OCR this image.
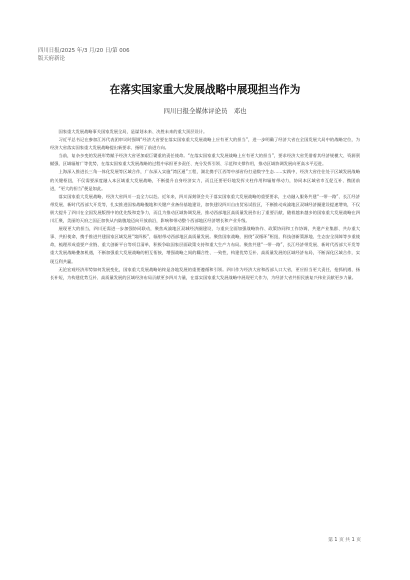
四川日报/2025 年/3 月/20 日/第 006
版天府新论
在落实国家重大发展战略中展现担当作为
四川日报全媒体评论员　邓也

国家重大发展战略事关国家发展全局，是谋划未来、决胜未来的重大顶层设计。

习近平总书记在参加江苏代表团审议时强调“经济大省要在落实国家重大发展战略上应有更大的担当”，进一步明确了经济大省在全国发展大局中的战略定位，为经济大省落实国家重大发展战略提出新要求、指明了前进方向。

当前，复杂多变的发展形势赋予经济大省更加艰巨繁重的责任使命。“在落实国家重大发展战略上应有更大的担当”，要求经济大省凭借着其经济规模大、资源禀赋强、区域辐射广等优势，在落实国家重大发展战略的过程中承担更多责任、充分发挥引领、示范和支撑作用，推动区域协调发展向更高水平迈进。

上海深入推进长三角一体化发展等区域合作，广东深入实施“湾区通”工程，湖北携手江西等中部省份打造数字生态……实践中，经济大省往往处于区域发展战略的关键枢纽，不仅需要深度融入本区域重大发展战略，不断提升自身经济实力，而且还要更好地发挥支柱作用和辐射带动力，协同本区域省市互促互补、携团前进，“更大的担当”便是如此。

落实国家重大发展战略，经济大省四川一直全力以赴。近年来，四川深刻领会关于落实国家重大发展战略的重要要求，主动融入服务共建“一带一路”、长江经济带发展、新时代西部大开发等，扎实推进国家战略腹地和关键产业备份基地建设，加快建设四川自由贸易试验区，不断推动成渝地区双城经济圈建设提速增效，不仅极大提升了四川在全国发展版图中的优先级和竞争力，而且为推动区域协调发展、推动西部地区高质量发展作出了重要贡献，随着越来越多的国家重大发展战略在四川汇聚，美丽的天府之国正加快从内陆腹地迈向开放前沿，影响和带动整个西部地区经济增长和产业升级。

展现更大的担当，四川还需进一步加强协同联动，聚焦成渝地区双城经济圈建设，与重庆全面加强战略协作、政策协同和工作协调，共建产业集群、共办重大事、共担使命，携手推进共建国家区域发展“第四极”，辐射带动西部地区高质量发展。聚焦国家战略，围绕“双循环”枢纽，科技创新策源地、生态安全屏障等多重使命，梳理形成重要产业链、重大创新平台等项目清单，积极争取国家层面政策支持和重大生产力布局。聚焦共建“一带一路”，长江经济带发展、新时代西部大开发等重大发展战略叠加机遇，不断加强重大发展战略的相互衔接，增强战略之间的耦合性、一致性，构建优势互补、高质量发展的区域经济布局，不断深化区域合作，实现互利共赢。

无论宏观经济形势如何发展变化，国家重大发展战略始终是各地发展的重要遵循和引领。四川作为经济大省和西部人口大省，更应担当更大责任，抢抓机遇、扬长补短，为构建优势互补、高质量发展的区域经济布局贡献更多四川力量，在落实国家重大发展战略中展现更大作为，为经济大省共担民族复兴伟业贡献更多力量。

第 1 页 共 1 页
